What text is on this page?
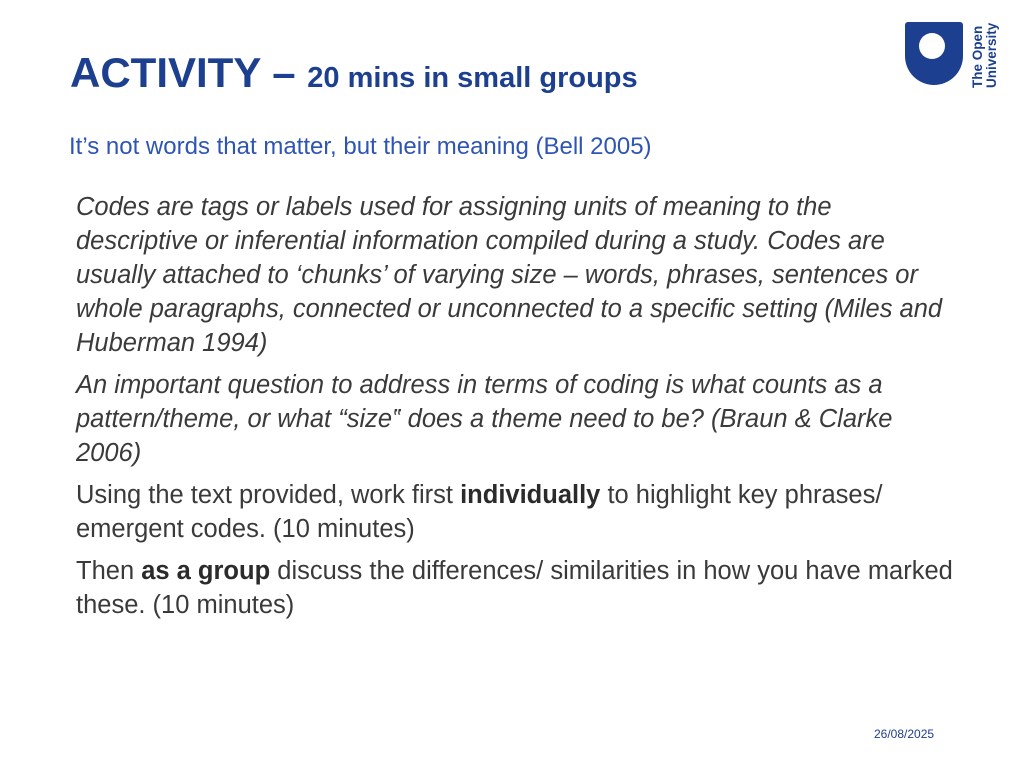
ACTIVITY – 20 mins in small groups	The Open University
It’s not words that matter, but their meaning (Bell 2005)

Codes are tags or labels used for assigning units of meaning to the descriptive or inferential information compiled during a study. Codes are usually attached to ‘chunks’ of varying size – words, phrases, sentences or whole paragraphs, connected or unconnected to a specific setting (Miles and Huberman 1994)

An important question to address in terms of coding is what counts as a pattern/theme, or what “size‟ does a theme need to be? (Braun & Clarke 2006)

Using the text provided, work first individually to highlight key phrases/ emergent codes. (10 minutes)

Then as a group discuss the differences/ similarities in how you have marked these. (10 minutes)

26/08/2025
